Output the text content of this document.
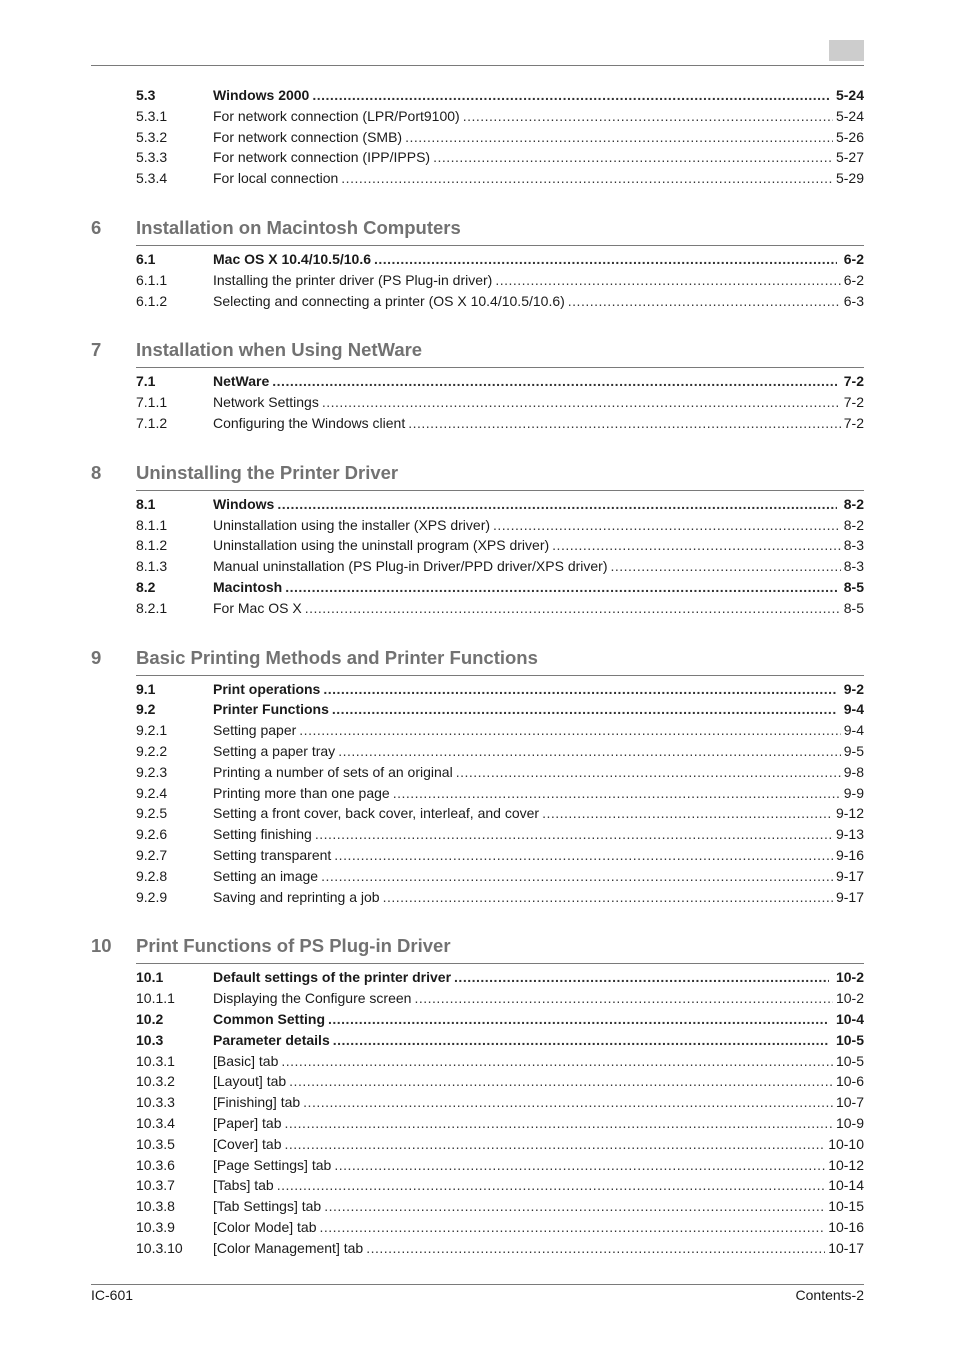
5.3	Windows 2000 .....	5-24
5.3.1	For network connection (LPR/Port9100) .....	5-24
5.3.2	For network connection (SMB) .....	5-26
5.3.3	For network connection (IPP/IPPS) .....	5-27
5.3.4	For local connection .....	5-29
6 Installation on Macintosh Computers
6.1	Mac OS X 10.4/10.5/10.6 .....	6-2
6.1.1	Installing the printer driver (PS Plug-in driver) .....	6-2
6.1.2	Selecting and connecting a printer (OS X 10.4/10.5/10.6) .....	6-3
7 Installation when Using NetWare
7.1	NetWare .....	7-2
7.1.1	Network Settings .....	7-2
7.1.2	Configuring the Windows client .....	7-2
8 Uninstalling the Printer Driver
8.1	Windows .....	8-2
8.1.1	Uninstallation using the installer (XPS driver) .....	8-2
8.1.2	Uninstallation using the uninstall program (XPS driver) .....	8-3
8.1.3	Manual uninstallation (PS Plug-in Driver/PPD driver/XPS driver) .....	8-3
8.2	Macintosh .....	8-5
8.2.1	For Mac OS X .....	8-5
9 Basic Printing Methods and Printer Functions
9.1	Print operations .....	9-2
9.2	Printer Functions .....	9-4
9.2.1	Setting paper .....	9-4
9.2.2	Setting a paper tray .....	9-5
9.2.3	Printing a number of sets of an original .....	9-8
9.2.4	Printing more than one page .....	9-9
9.2.5	Setting a front cover, back cover, interleaf, and cover .....	9-12
9.2.6	Setting finishing .....	9-13
9.2.7	Setting transparent .....	9-16
9.2.8	Setting an image .....	9-17
9.2.9	Saving and reprinting a job .....	9-17
10 Print Functions of PS Plug-in Driver
10.1	Default settings of the printer driver .....	10-2
10.1.1	Displaying the Configure screen .....	10-2
10.2	Common Setting .....	10-4
10.3	Parameter details .....	10-5
10.3.1	[Basic] tab .....	10-5
10.3.2	[Layout] tab .....	10-6
10.3.3	[Finishing] tab .....	10-7
10.3.4	[Paper] tab .....	10-9
10.3.5	[Cover] tab .....	10-10
10.3.6	[Page Settings] tab .....	10-12
10.3.7	[Tabs] tab .....	10-14
10.3.8	[Tab Settings] tab .....	10-15
10.3.9	[Color Mode] tab .....	10-16
10.3.10	[Color Management] tab .....	10-17
IC-601	Contents-2
